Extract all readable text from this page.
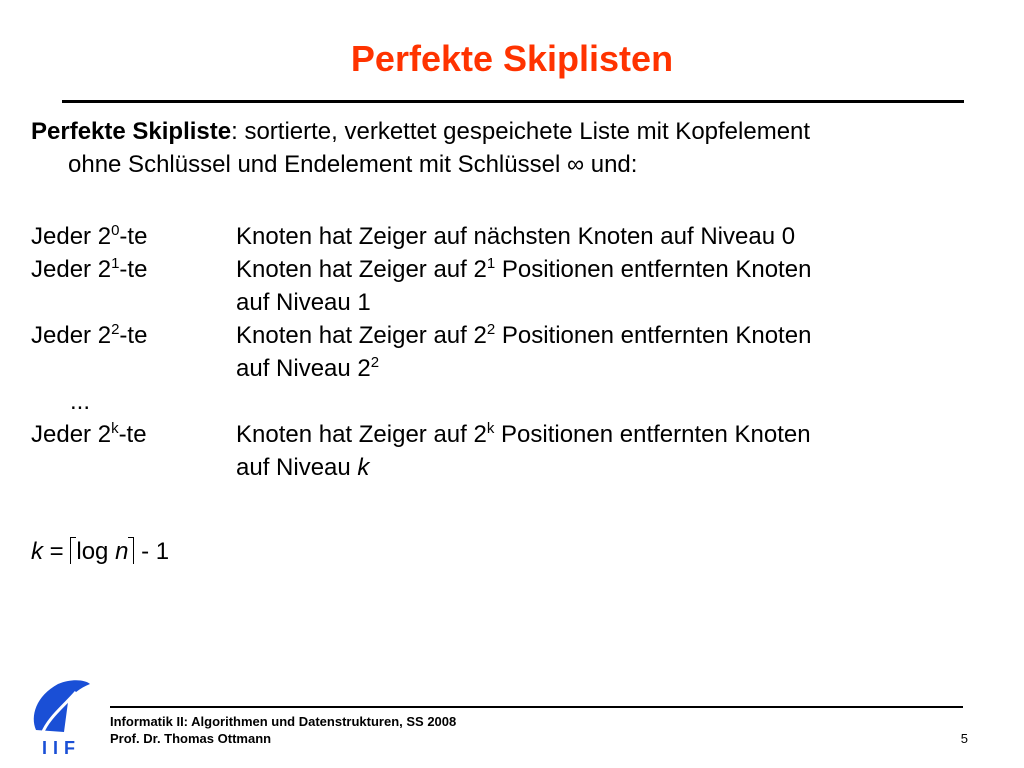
Perfekte Skiplisten
Perfekte Skipliste: sortierte, verkettet gespeichete Liste mit Kopfelement
ohne Schlüssel und Endelement mit Schlüssel ∞ und:
Jeder $2^0-te$	Knoten hat Zeiger auf nächsten Knoten auf Niveau 0
Jeder $2^1-te$	Knoten hat Zeiger auf $2^1$ Positionen entfernten Knoten
auf Niveau 1
Jeder $2^2-te$	Knoten hat Zeiger auf $2^2$ Positionen entfernten Knoten
auf Niveau $2^2$
...
Jeder 2$^k$-te	Knoten hat Zeiger auf 2$^k$ Positionen entfernten Knoten
auf Niveau k
k = log n - 1
IIF
Informatik II: Algorithmen und Datenstrukturen, SS 2008
Prof. Dr. Thomas Ottmann	5
